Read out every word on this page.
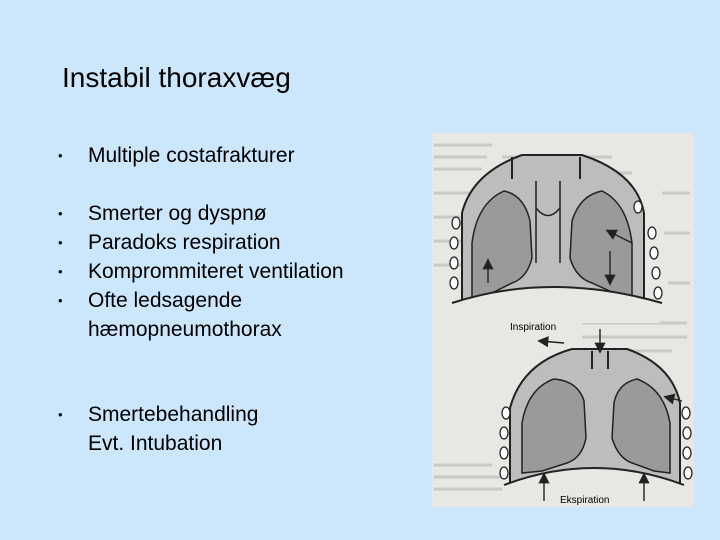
Instabil thoraxvæg
• Multiple costafrakturer
• Smerter og dyspnø
• Paradoks respiration
• Komprommiteret ventilation
• Ofte ledsagende
hæmopneumothorax
• Smertebehandling
Evt. Intubation
Inspiration
Ekspiration
